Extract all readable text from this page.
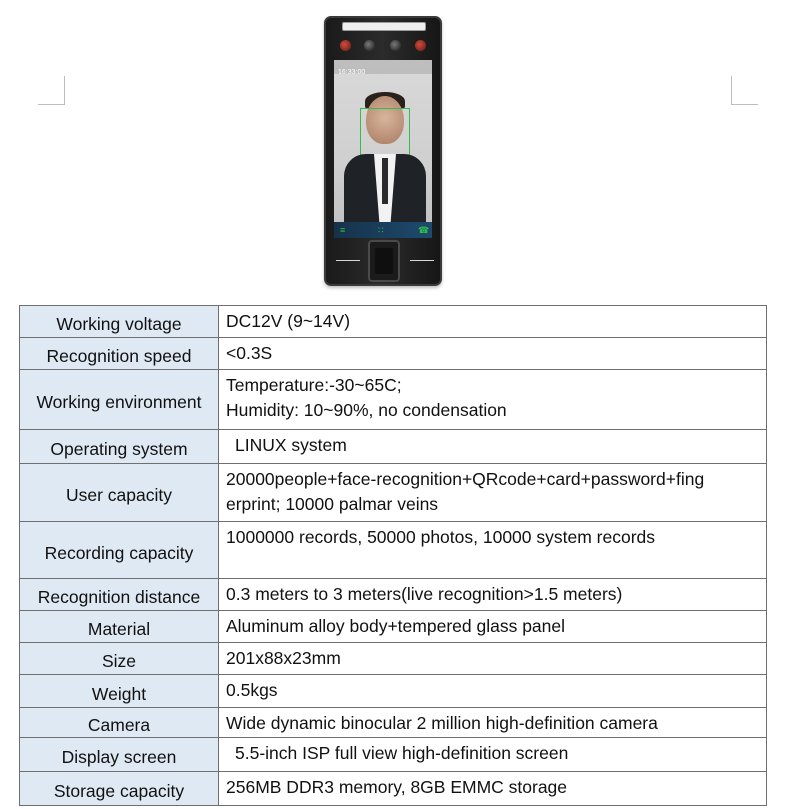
16:33:00
≡	∷	☎
Working voltage	DC12V (9~14V)

Recognition speed	<0.3S

Working environment	Temperature:-30~65C;
Humidity: 10~90%, no condensation

Operating system	LINUX system

User capacity	20000people+face-recognition+QRcode+card+password+fing
erprint; 10000 palmar veins

Recording capacity	1000000 records, 50000 photos, 10000 system records

Recognition distance	0.3 meters to 3 meters(live recognition>1.5 meters)

Material	Aluminum alloy body+tempered glass panel

Size	201x88x23mm

Weight	0.5kgs

Camera	Wide dynamic binocular 2 million high-definition camera

Display screen	5.5-inch ISP full view high-definition screen

Storage capacity	256MB DDR3 memory, 8GB EMMC storage
